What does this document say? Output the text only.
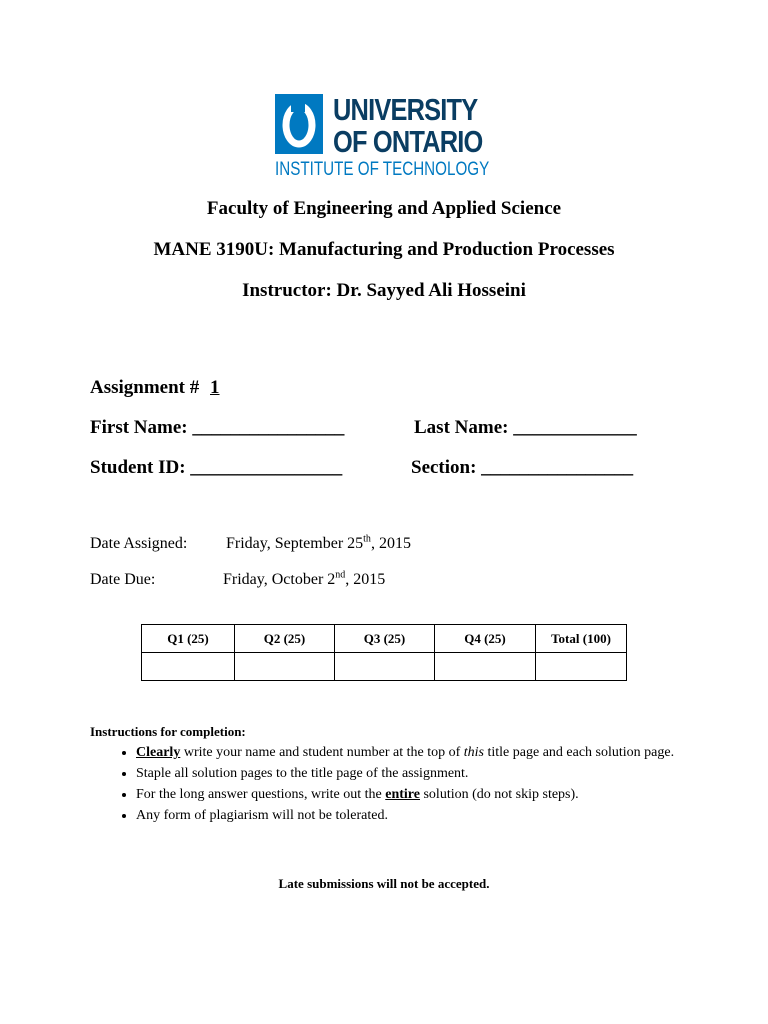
UNIVERSITY
OF ONTARIO
INSTITUTE OF TECHNOLOGY
Faculty of Engineering and Applied Science
MANE 3190U: Manufacturing and Production Processes
Instructor: Dr. Sayyed Ali Hosseini
Assignment # 1
First Name: ________________	Last Name: _____________
Student ID: ________________	Section: ________________
Date Assigned: Friday, September 25th, 2015
Date Due:	Friday, October 2nd, 2015
Q1 (25)	Q2 (25)	Q3 (25)	Q4 (25)	Total (100)

Instructions for completion:
• Clearly write your name and student number at the top of this title page and each solution page.
• Staple all solution pages to the title page of the assignment.
• For the long answer questions, write out the entire solution (do not skip steps).
• Any form of plagiarism will not be tolerated.
Late submissions will not be accepted.
